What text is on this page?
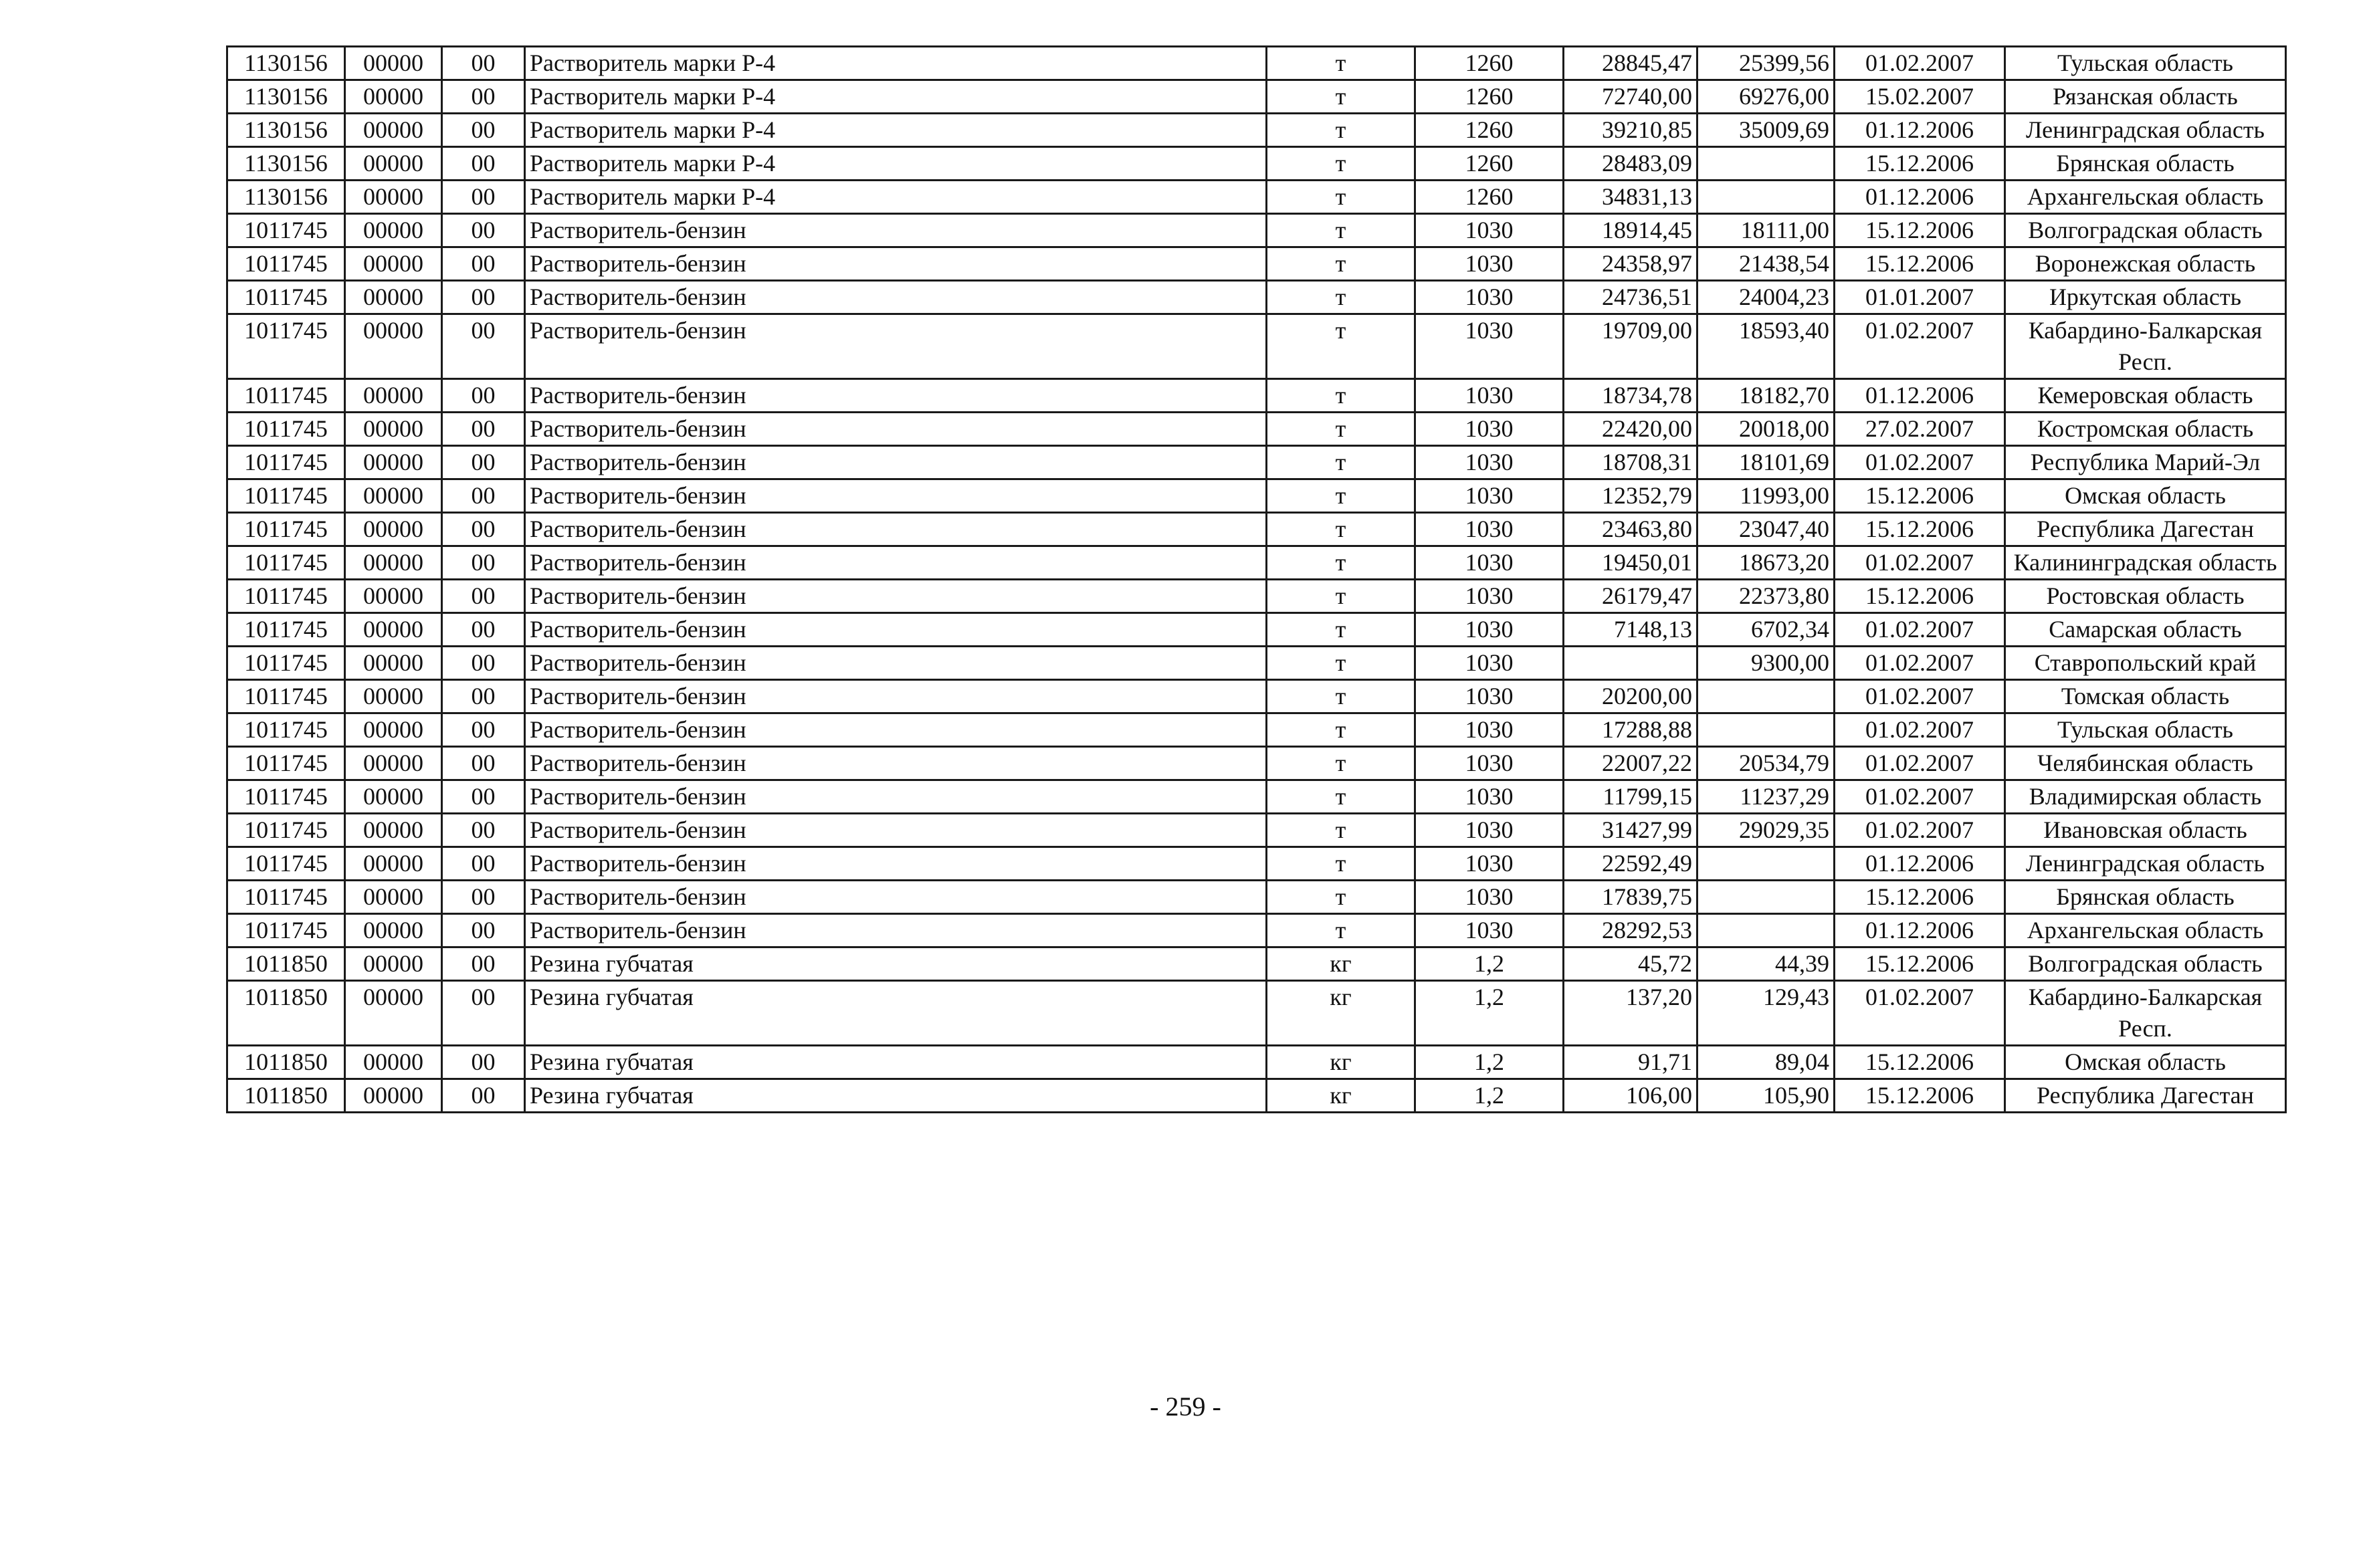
1130156	00000	00	Растворитель марки Р-4	т	1260	28845,47	25399,56	01.02.2007	Тульская область
1130156	00000	00	Растворитель марки Р-4	т	1260	72740,00	69276,00	15.02.2007	Рязанская область
1130156	00000	00	Растворитель марки Р-4	т	1260	39210,85	35009,69	01.12.2006	Ленинградская область
1130156	00000	00	Растворитель марки Р-4	т	1260	28483,09		15.12.2006	Брянская область
1130156	00000	00	Растворитель марки Р-4	т	1260	34831,13		01.12.2006	Архангельская область
1011745	00000	00	Растворитель-бензин	т	1030	18914,45	18111,00	15.12.2006	Волгоградская область
1011745	00000	00	Растворитель-бензин	т	1030	24358,97	21438,54	15.12.2006	Воронежская область
1011745	00000	00	Растворитель-бензин	т	1030	24736,51	24004,23	01.01.2007	Иркутская область
1011745	00000	00	Растворитель-бензин	т	1030	19709,00	18593,40	01.02.2007	Кабардино-Балкарская Респ.
1011745	00000	00	Растворитель-бензин	т	1030	18734,78	18182,70	01.12.2006	Кемеровская область
1011745	00000	00	Растворитель-бензин	т	1030	22420,00	20018,00	27.02.2007	Костромская область
1011745	00000	00	Растворитель-бензин	т	1030	18708,31	18101,69	01.02.2007	Республика Марий-Эл
1011745	00000	00	Растворитель-бензин	т	1030	12352,79	11993,00	15.12.2006	Омская область
1011745	00000	00	Растворитель-бензин	т	1030	23463,80	23047,40	15.12.2006	Республика Дагестан
1011745	00000	00	Растворитель-бензин	т	1030	19450,01	18673,20	01.02.2007	Калининградская область
1011745	00000	00	Растворитель-бензин	т	1030	26179,47	22373,80	15.12.2006	Ростовская область
1011745	00000	00	Растворитель-бензин	т	1030	7148,13	6702,34	01.02.2007	Самарская область
1011745	00000	00	Растворитель-бензин	т	1030		9300,00	01.02.2007	Ставропольский край
1011745	00000	00	Растворитель-бензин	т	1030	20200,00		01.02.2007	Томская область
1011745	00000	00	Растворитель-бензин	т	1030	17288,88		01.02.2007	Тульская область
1011745	00000	00	Растворитель-бензин	т	1030	22007,22	20534,79	01.02.2007	Челябинская область
1011745	00000	00	Растворитель-бензин	т	1030	11799,15	11237,29	01.02.2007	Владимирская область
1011745	00000	00	Растворитель-бензин	т	1030	31427,99	29029,35	01.02.2007	Ивановская область
1011745	00000	00	Растворитель-бензин	т	1030	22592,49		01.12.2006	Ленинградская область
1011745	00000	00	Растворитель-бензин	т	1030	17839,75		15.12.2006	Брянская область
1011745	00000	00	Растворитель-бензин	т	1030	28292,53		01.12.2006	Архангельская область
1011850	00000	00	Резина губчатая	кг	1,2	45,72	44,39	15.12.2006	Волгоградская область
1011850	00000	00	Резина губчатая	кг	1,2	137,20	129,43	01.02.2007	Кабардино-Балкарская Респ.
1011850	00000	00	Резина губчатая	кг	1,2	91,71	89,04	15.12.2006	Омская область
1011850	00000	00	Резина губчатая	кг	1,2	106,00	105,90	15.12.2006	Республика Дагестан
- 259 -
